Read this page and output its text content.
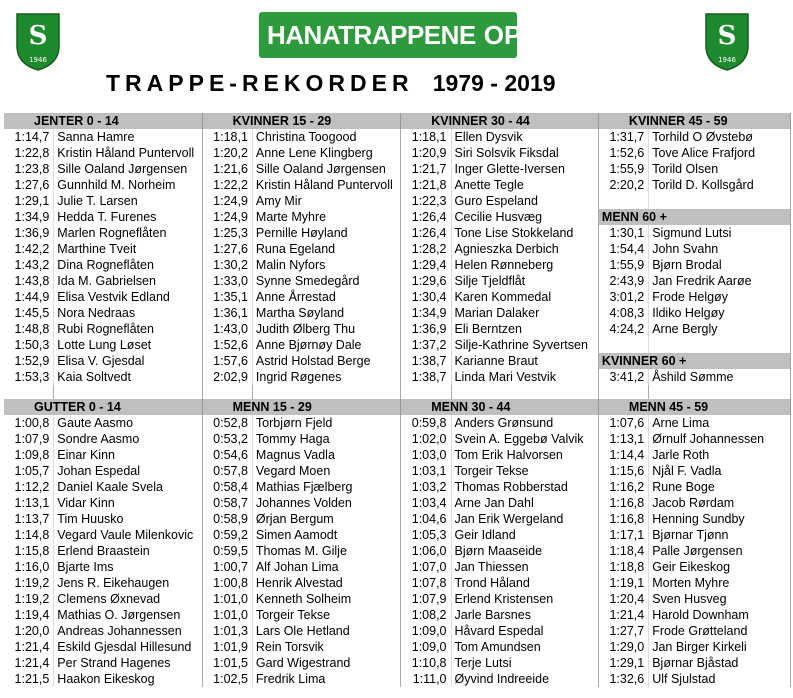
S
1946
HANATRAPPENE OPP	S
1946
TRAPPE-REKORDER 1979 - 2019
JENTER 0 - 14		KVINNER 15 - 29		KVINNER 30 - 44		KVINNER 45 - 59	
1:14,7	Sanna Hamre	1:18,1	Christina Toogood	1:18,1	Ellen Dysvik	1:31,7	Torhild O Øvstebø
1:22,8	Kristin Håland Puntervoll	1:20,2	Anne Lene Klingberg	1:20,9	Siri Solsvik Fiksdal	1:52,6	Tove Alice Frafjord
1:23,8	Sille Oaland Jørgensen	1:21,6	Sille Oaland Jørgensen	1:21,7	Inger Glette-Iversen	1:55,9	Torild Olsen
1:27,6	Gunnhild M. Norheim	1:22,2	Kristin Håland Puntervoll	1:21,8	Anette Tegle	2:20,2	Torild D. Kollsgård
1:29,1	Julie T. Larsen	1:24,9	Amy Mir	1:22,3	Guro Espeland		
1:34,9	Hedda T. Furenes	1:24,9	Marte Myhre	1:26,4	Cecilie Husvæg	MENN 60 +	
1:36,9	Marlen Rogneflåten	1:25,3	Pernille Høyland	1:26,4	Tone Lise Stokkeland	1:30,1	Sigmund Lutsi
1:42,2	Marthine Tveit	1:27,6	Runa Egeland	1:28,2	Agnieszka Derbich	1:54,4	John Svahn
1:43,2	Dina Rogneflåten	1:30,2	Malin Nyfors	1:29,4	Helen Rønneberg	1:55,9	Bjørn Brodal
1:43,8	Ida M. Gabrielsen	1:33,0	Synne Smedegård	1:29,6	Silje Tjeldflåt	2:43,9	Jan Fredrik Aarøe
1:44,9	Elisa Vestvik Edland	1:35,1	Anne Årrestad	1:30,4	Karen Kommedal	3:01,2	Frode Helgøy
1:45,5	Nora Nedraas	1:36,1	Martha Søyland	1:34,9	Marian Dalaker	4:08,3	Ildiko Helgøy
1:48,8	Rubi Rogneflåten	1:43,0	Judith Ølberg Thu	1:36,9	Eli Berntzen	4:24,2	Arne Bergly
1:50,3	Lotte Lung Løset	1:52,6	Anne Bjørnøy Dale	1:37,2	Silje-Kathrine Syvertsen		
1:52,9	Elisa V. Gjesdal	1:57,6	Astrid Holstad Berge	1:38,7	Karianne Braut	KVINNER 60 +	
1:53,3	Kaia Soltvedt	2:02,9	Ingrid Røgenes	1:38,7	Linda Mari Vestvik	3:41,2	Åshild Sømme

GUTTER 0 - 14		MENN 15 - 29		MENN 30 - 44		MENN 45 - 59	
1:00,8	Gaute Aasmo	0:52,8	Torbjørn Fjeld	0:59,8	Anders Grønsund	1:07,6	Arne Lima
1:07,9	Sondre Aasmo	0:53,2	Tommy Haga	1:02,0	Svein A. Eggebø Valvik	1:13,1	Ørnulf Johannessen
1:09,8	Einar Kinn	0:54,6	Magnus Vadla	1:03,0	Tom Erik Halvorsen	1:14,4	Jarle Roth
1:05,7	Johan Espedal	0:57,8	Vegard Moen	1:03,1	Torgeir Tekse	1:15,6	Njål F. Vadla
1:12,2	Daniel Kaale Svela	0:58,4	Mathias Fjælberg	1:03,2	Thomas Robberstad	1:16,2	Rune Boge
1:13,1	Vidar Kinn	0:58,7	Johannes Volden	1:03,4	Arne Jan Dahl	1:16,8	Jacob Rørdam
1:13,7	Tim Huusko	0:58,9	Ørjan Bergum	1:04,6	Jan Erik Wergeland	1:16,8	Henning Sundby
1:14,8	Vegard Vaule Milenkovic	0:59,2	Simen Aamodt	1:05,3	Geir Idland	1:17,1	Bjørnar Tjønn
1:15,8	Erlend Braastein	0:59,5	Thomas M. Gilje	1:06,0	Bjørn Maaseide	1:18,4	Palle Jørgensen
1:16,0	Bjarte Ims	1:00,7	Alf Johan Lima	1:07,0	Jan Thiessen	1:18,8	Geir Eikeskog
1:19,2	Jens R. Eikehaugen	1:00,8	Henrik Alvestad	1:07,8	Trond Håland	1:19,1	Morten Myhre
1:19,2	Clemens Øxnevad	1:01,0	Kenneth Solheim	1:07,9	Erlend Kristensen	1:20,4	Sven Husveg
1:19,4	Mathias O. Jørgensen	1:01,0	Torgeir Tekse	1:08,2	Jarle Barsnes	1:21,4	Harold Downham
1:20,0	Andreas Johannessen	1:01,3	Lars Ole Hetland	1:09,0	Håvard Espedal	1:27,7	Frode Grøtteland
1:21,4	Eskild Gjesdal Hillesund	1:01,9	Rein Torsvik	1:09,0	Tom Amundsen	1:29,0	Jan Birger Kirkeli
1:21,4	Per Strand Hagenes	1:01,5	Gard Wigestrand	1:10,8	Terje Lutsi	1:29,1	Bjørnar Bjåstad
1:21,5	Haakon Eikeskog	1:02,5	Fredrik Lima	1:11,0	Øyvind Indreeide	1:32,6	Ulf Sjulstad
